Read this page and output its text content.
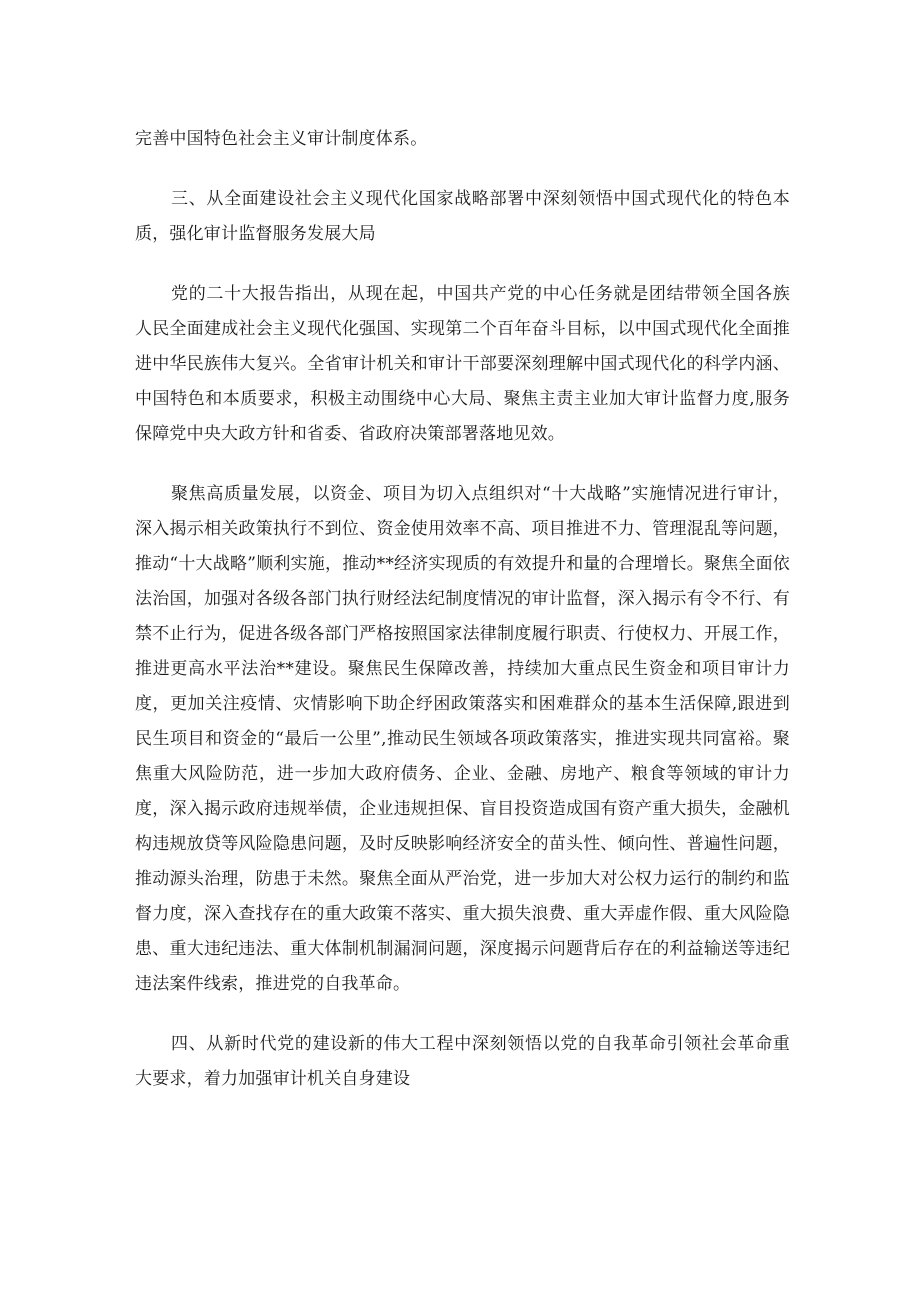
完善中国特色社会主义审计制度体系。

三、从全面建设社会主义现代化国家战略部署中深刻领悟中国式现代化的特色本质，强化审计监督服务发展大局

党的二十大报告指出，从现在起，中国共产党的中心任务就是团结带领全国各族人民全面建成社会主义现代化强国、实现第二个百年奋斗目标，以中国式现代化全面推进中华民族伟大复兴。全省审计机关和审计干部要深刻理解中国式现代化的科学内涵、中国特色和本质要求，积极主动围绕中心大局、聚焦主责主业加大审计监督力度,服务保障党中央大政方针和省委、省政府决策部署落地见效。

聚焦高质量发展，以资金、项目为切入点组织对“十大战略”实施情况进行审计，深入揭示相关政策执行不到位、资金使用效率不高、项目推进不力、管理混乱等问题，推动“十大战略”顺利实施，推动**经济实现质的有效提升和量的合理增长。聚焦全面依法治国，加强对各级各部门执行财经法纪制度情况的审计监督，深入揭示有令不行、有禁不止行为，促进各级各部门严格按照国家法律制度履行职责、行使权力、开展工作，推进更高水平法治**建设。聚焦民生保障改善，持续加大重点民生资金和项目审计力度，更加关注疫情、灾情影响下助企纾困政策落实和困难群众的基本生活保障,跟进到民生项目和资金的“最后一公里”,推动民生领域各项政策落实，推进实现共同富裕。聚焦重大风险防范，进一步加大政府债务、企业、金融、房地产、粮食等领域的审计力度，深入揭示政府违规举债，企业违规担保、盲目投资造成国有资产重大损失，金融机构违规放贷等风险隐患问题，及时反映影响经济安全的苗头性、倾向性、普遍性问题，推动源头治理，防患于未然。聚焦全面从严治党，进一步加大对公权力运行的制约和监督力度，深入查找存在的重大政策不落实、重大损失浪费、重大弄虚作假、重大风险隐患、重大违纪违法、重大体制机制漏洞问题，深度揭示问题背后存在的利益输送等违纪违法案件线索，推进党的自我革命。

四、从新时代党的建设新的伟大工程中深刻领悟以党的自我革命引领社会革命重大要求，着力加强审计机关自身建设
